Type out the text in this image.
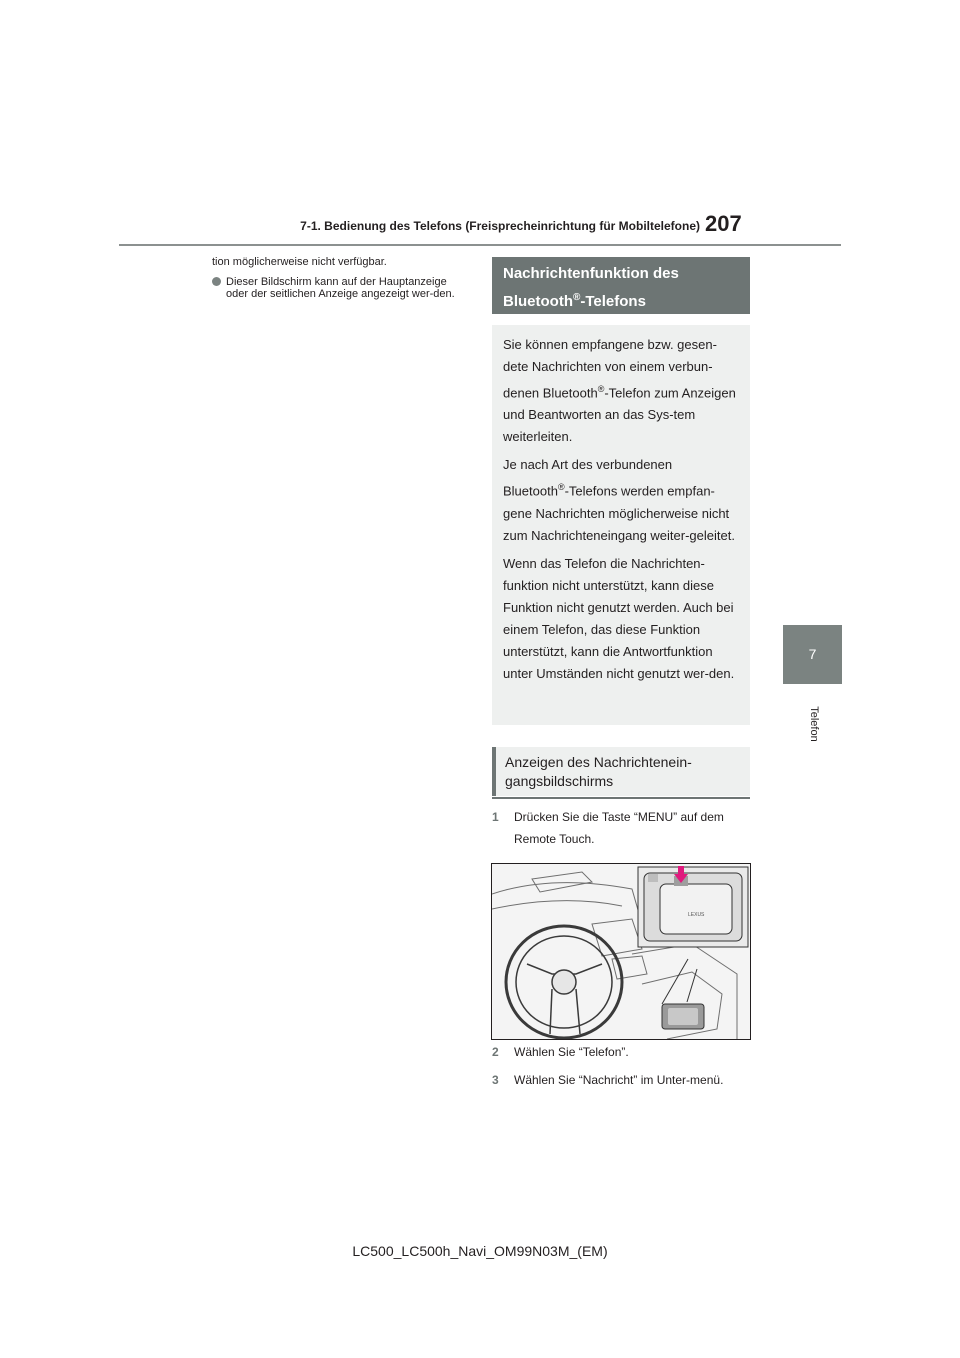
7-1. Bedienung des Telefons (Freisprecheinrichtung für Mobiltelefone) 207
7
Telefon

tion möglicherweise nicht verfügbar.

Dieser Bildschirm kann auf der Hauptanzeige oder der seitlichen Anzeige angezeigt wer-den.

Nachrichtenfunktion des
Bluetooth®-Telefons

Sie können empfangene bzw. gesen-dete Nachrichten von einem verbun-denen Bluetooth®-Telefon zum Anzeigen und Beantworten an das Sys-tem weiterleiten.

Je nach Art des verbundenen Bluetooth®-Telefons werden empfan-gene Nachrichten möglicherweise nicht zum Nachrichteneingang weiter-geleitet.

Wenn das Telefon die Nachrichten-funktion nicht unterstützt, kann diese Funktion nicht genutzt werden. Auch bei einem Telefon, das diese Funktion unterstützt, kann die Antwortfunktion unter Umständen nicht genutzt wer-den.

Anzeigen des Nachrichtenein-gangsbildschirms
1	Drücken Sie die Taste “MENU” auf dem Remote Touch.
LEXUS
2	Wählen Sie “Telefon”.
3	Wählen Sie “Nachricht” im Unter-menü.
LC500_LC500h_Navi_OM99N03M_(EM)
